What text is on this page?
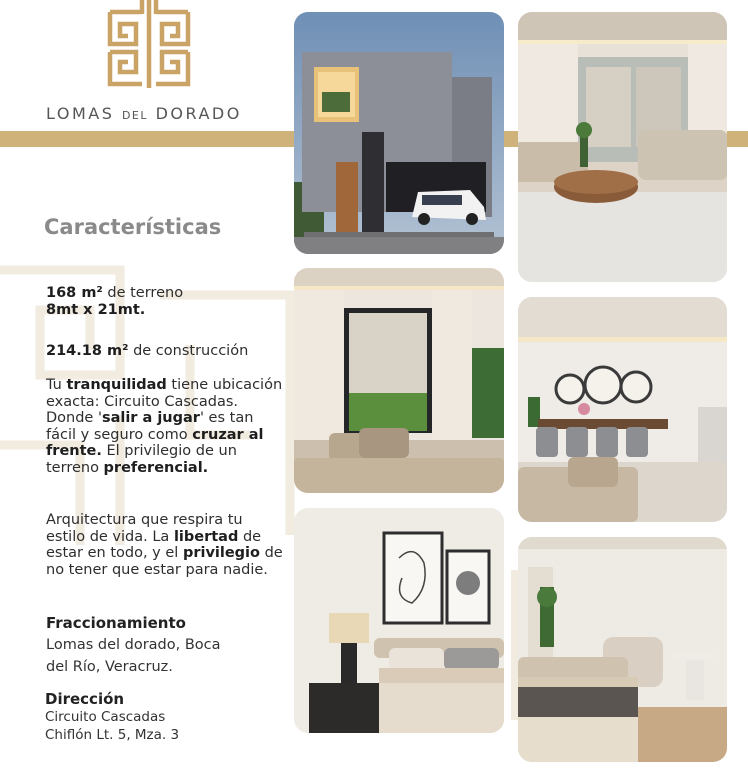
LOMAS DEL DORADO
Características
168 m² de terreno
8mt x 21mt.
214.18 m² de construcción
Tu tranquilidad tiene ubicación exacta: Circuito Cascadas. Donde 'salir a jugar' es tan fácil y seguro como cruzar al frente. El privilegio de un terreno preferencial.
Arquitectura que respira tu estilo de vida. La libertad de estar en todo, y el privilegio de no tener que estar para nadie.
Fraccionamiento
Lomas del dorado, Boca
del Río, Veracruz.
Dirección
Circuito Cascadas
Chiflón Lt. 5, Mza. 3
